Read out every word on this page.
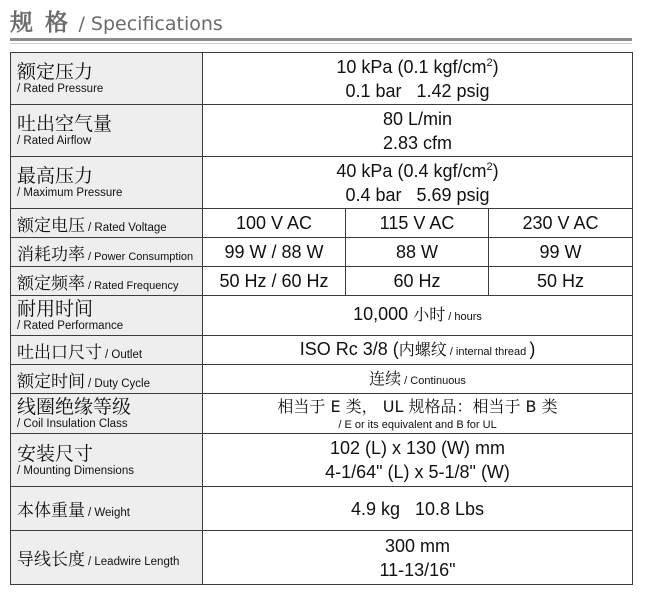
规 格 / Specifications
额定压力
/ Rated Pressure	10 kPa (0.1 kgf/$cm^2$)
0.1 bar   1.42 psig		

吐出空气量
/ Rated Airflow	80 L/min
2.83 cfm		

最高压力
/ Maximum Pressure	40 kPa (0.4 kgf/$cm^2$)
0.4 bar   5.69 psig		

额定电压 / Rated Voltage	100 V AC	115 V AC	230 V AC
消耗功率 / Power Consumption	99 W / 88 W	88 W	99 W
额定频率 / Rated Frequency	50 Hz / 60 Hz	60 Hz	50 Hz

耐用时间
/ Rated Performance	10,000 小时 / hours		
吐出口尺寸 / Outlet	ISO Rc 3/8 (内螺纹 / internal thread )		
额定时间 / Duty Cycle	连续 / Continuous		

线圈绝缘等级
/ Coil Insulation Class	相当于 E 类， UL 规格品：相当于 B 类
/ E or its equivalent and B for UL		

安装尺寸
/ Mounting Dimensions	102 (L) x 130 (W) mm
4-1/64" (L) x 5-1/8" (W)		

本体重量 / Weight	4.9 kg   10.8 Lbs		
导线长度 / Leadwire Length	300 mm
11-13/16"		
